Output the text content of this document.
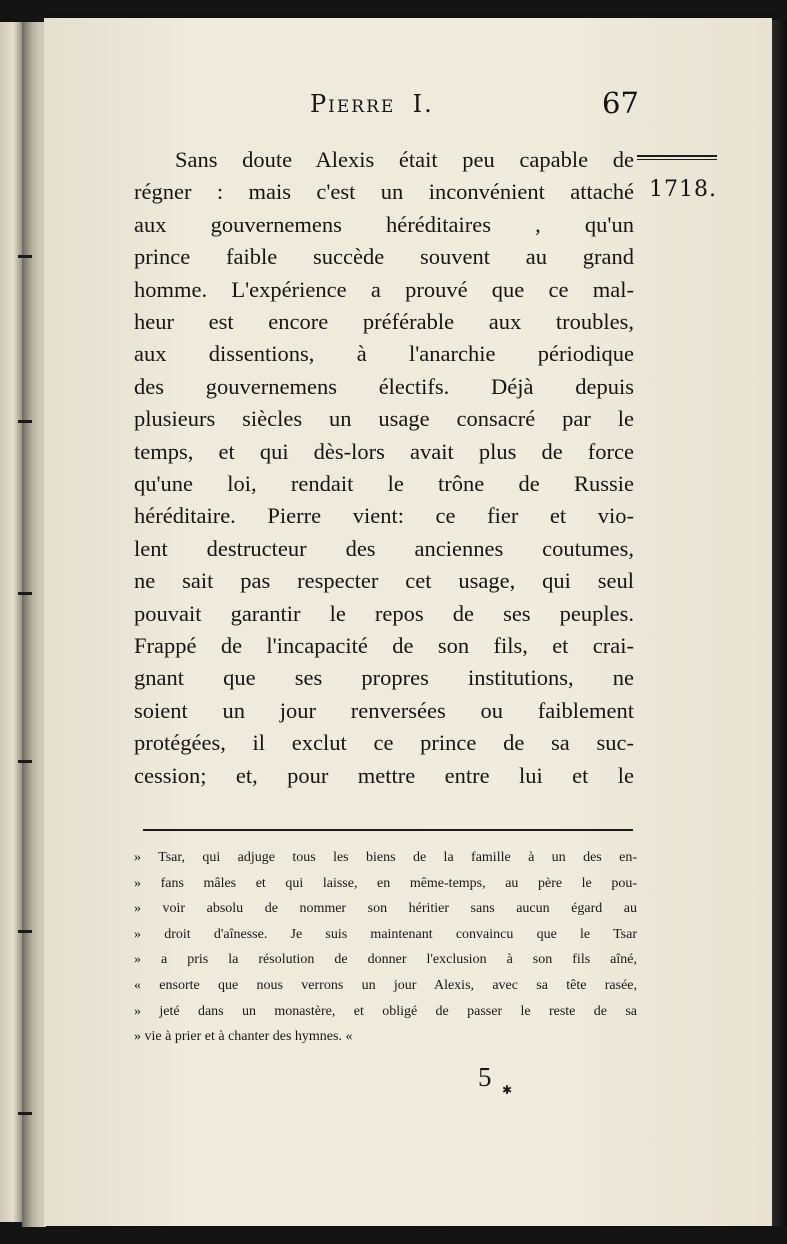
PIERRE I.	67
1718.
Sans doute Alexis était peu capable de
régner : mais c'est un inconvénient attaché
aux gouvernemens héréditaires , qu'un
prince faible succède souvent au grand
homme. L'expérience a prouvé que ce mal-
heur est encore préférable aux troubles,
aux dissentions, à l'anarchie périodique
des gouvernemens électifs. Déjà depuis
plusieurs siècles un usage consacré par le
temps, et qui dès-lors avait plus de force
qu'une loi, rendait le trône de Russie
héréditaire. Pierre vient: ce fier et vio-
lent destructeur des anciennes coutumes,
ne sait pas respecter cet usage, qui seul
pouvait garantir le repos de ses peuples.
Frappé de l'incapacité de son fils, et crai-
gnant que ses propres institutions, ne
soient un jour renversées ou faiblement
protégées, il exclut ce prince de sa suc-
cession; et, pour mettre entre lui et le
» Tsar, qui adjuge tous les biens de la famille à un des en-
» fans mâles et qui laisse, en même-temps, au père le pou-
» voir absolu de nommer son héritier sans aucun égard au
» droit d'aînesse. Je suis maintenant convaincu que le Tsar
» a pris la résolution de donner l'exclusion à son fils aîné,
« ensorte que nous verrons un jour Alexis, avec sa tête rasée,
» jeté dans un monastère, et obligé de passer le reste de sa
» vie à prier et à chanter des hymnes. «
5 ✱
